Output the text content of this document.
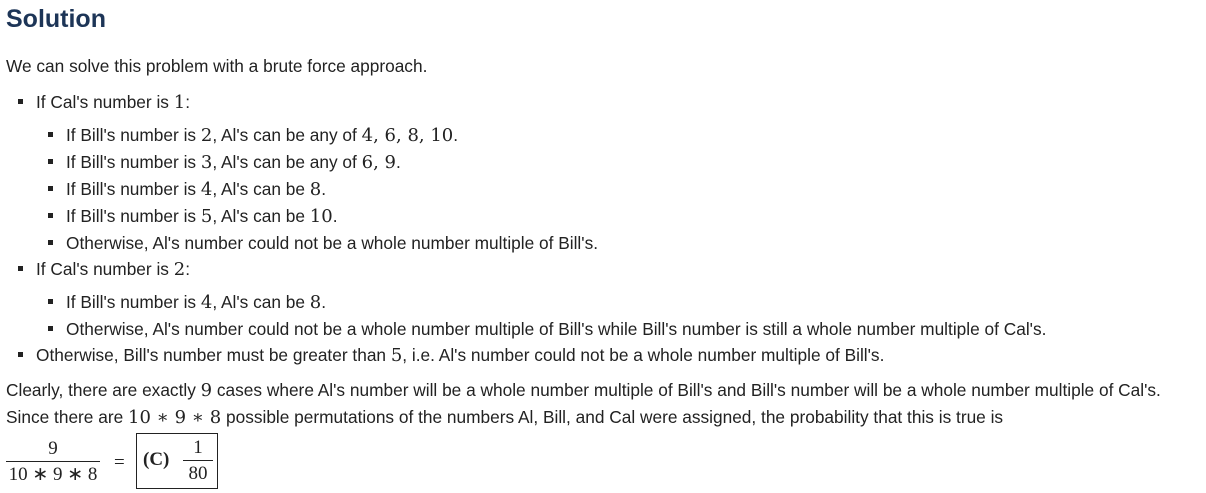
Solution

We can solve this problem with a brute force approach.

If Cal's number is 1:
If Bill's number is 2, Al's can be any of 4, 6, 8, 10.
If Bill's number is 3, Al's can be any of 6, 9.
If Bill's number is 4, Al's can be 8.
If Bill's number is 5, Al's can be 10.
Otherwise, Al's number could not be a whole number multiple of Bill's.
If Cal's number is 2:
If Bill's number is 4, Al's can be 8.
Otherwise, Al's number could not be a whole number multiple of Bill's while Bill's number is still a whole number multiple of Cal's.
Otherwise, Bill's number must be greater than 5, i.e. Al's number could not be a whole number multiple of Bill's.

Clearly, there are exactly 9 cases where Al's number will be a whole number multiple of Bill's and Bill's number will be a whole number multiple of Cal's. Since there are 10 ∗ 9 ∗ 8 possible permutations of the numbers Al, Bill, and Cal were assigned, the probability that this is true is

9
10 ∗ 9 ∗ 8
= (C)
1
80
